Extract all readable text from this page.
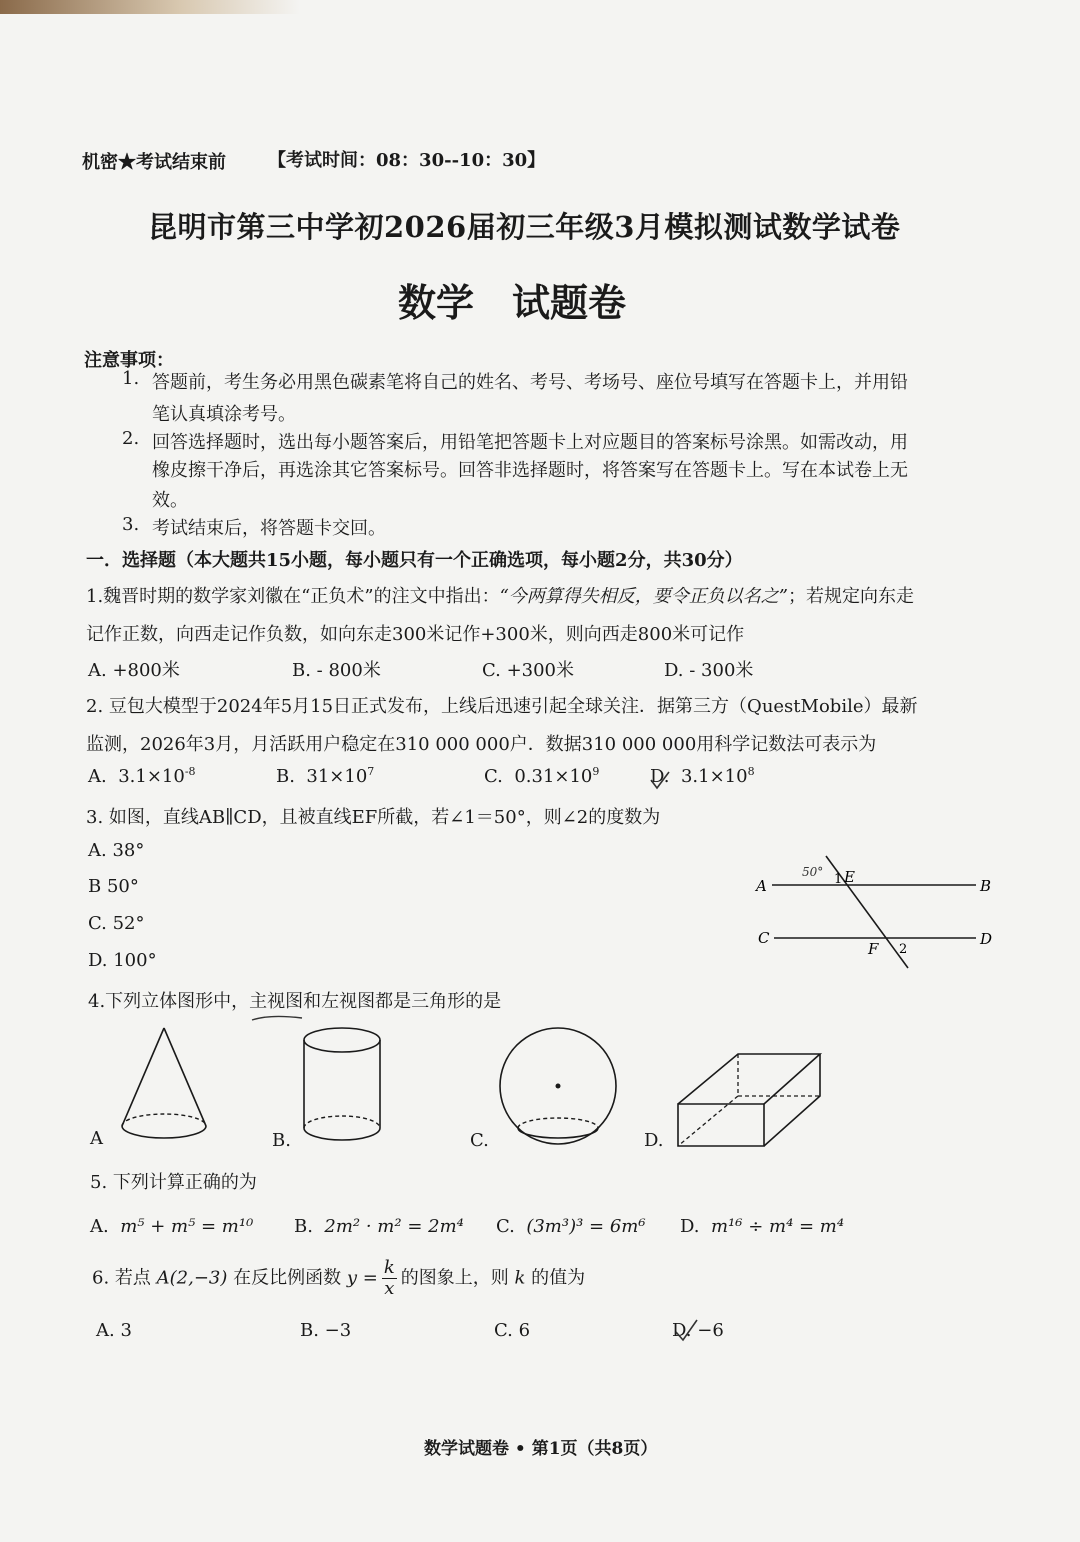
机密★考试结束前 【考试时间：08：30--10：30】
昆明市第三中学初2026届初三年级3月模拟测试数学试卷
数学　试题卷
注意事项：
1. 答题前，考生务必用黑色碳素笔将自己的姓名、考号、考场号、座位号填写在答题卡上，并用铅
笔认真填涂考号。
2. 回答选择题时，选出每小题答案后，用铅笔把答题卡上对应题目的答案标号涂黑。如需改动，用
橡皮擦干净后，再选涂其它答案标号。回答非选择题时，将答案写在答题卡上。写在本试卷上无
效。
3. 考试结束后，将答题卡交回。
一．选择题（本大题共15小题，每小题只有一个正确选项，每小题2分，共30分）
1.魏晋时期的数学家刘徽在“正负术”的注文中指出：“今两算得失相反，要令正负以名之”；若规定向东走
记作正数，向西走记作负数，如向东走300米记作+300米，则向西走800米可记作
A. +800米	B. - 800米	C. +300米	D. - 300米
2. 豆包大模型于2024年5月15日正式发布，上线后迅速引起全球关注．据第三方（QuestMobile）最新
监测，2026年3月，月活跃用户稳定在310 000 000户．数据310 000 000用科学记数法可表示为
A. $3.1\times 10^{-8}$	B. $31\times 10^7$	C. $0.31\times 10^9$	D. $3.1\times 10^8$
3. 如图，直线AB∥CD，且被直线EF所截，若∠1＝50°，则∠2的度数为
A. 38°
B 50°
C. 52°
D. 100°
A	B
C	D
E
F
1
2
50°
4.下列立体图形中，主视图和左视图都是三角形的是
A	B.	C.	D.
5. 下列计算正确的为
A. m⁵ + m⁵ = m¹⁰ B. 2m² · m² = 2m⁴ C. (3m³)³ = 6m⁶ D. m¹⁶ ÷ m⁴ = m⁴
6. 若点 A(2,−3) 在反比例函数 $y = \frac{k}{x}$ 的图象上，则 k 的值为
A. 3	B. −3	C. 6	D. −6
数学试题卷 • 第1页（共8页）
